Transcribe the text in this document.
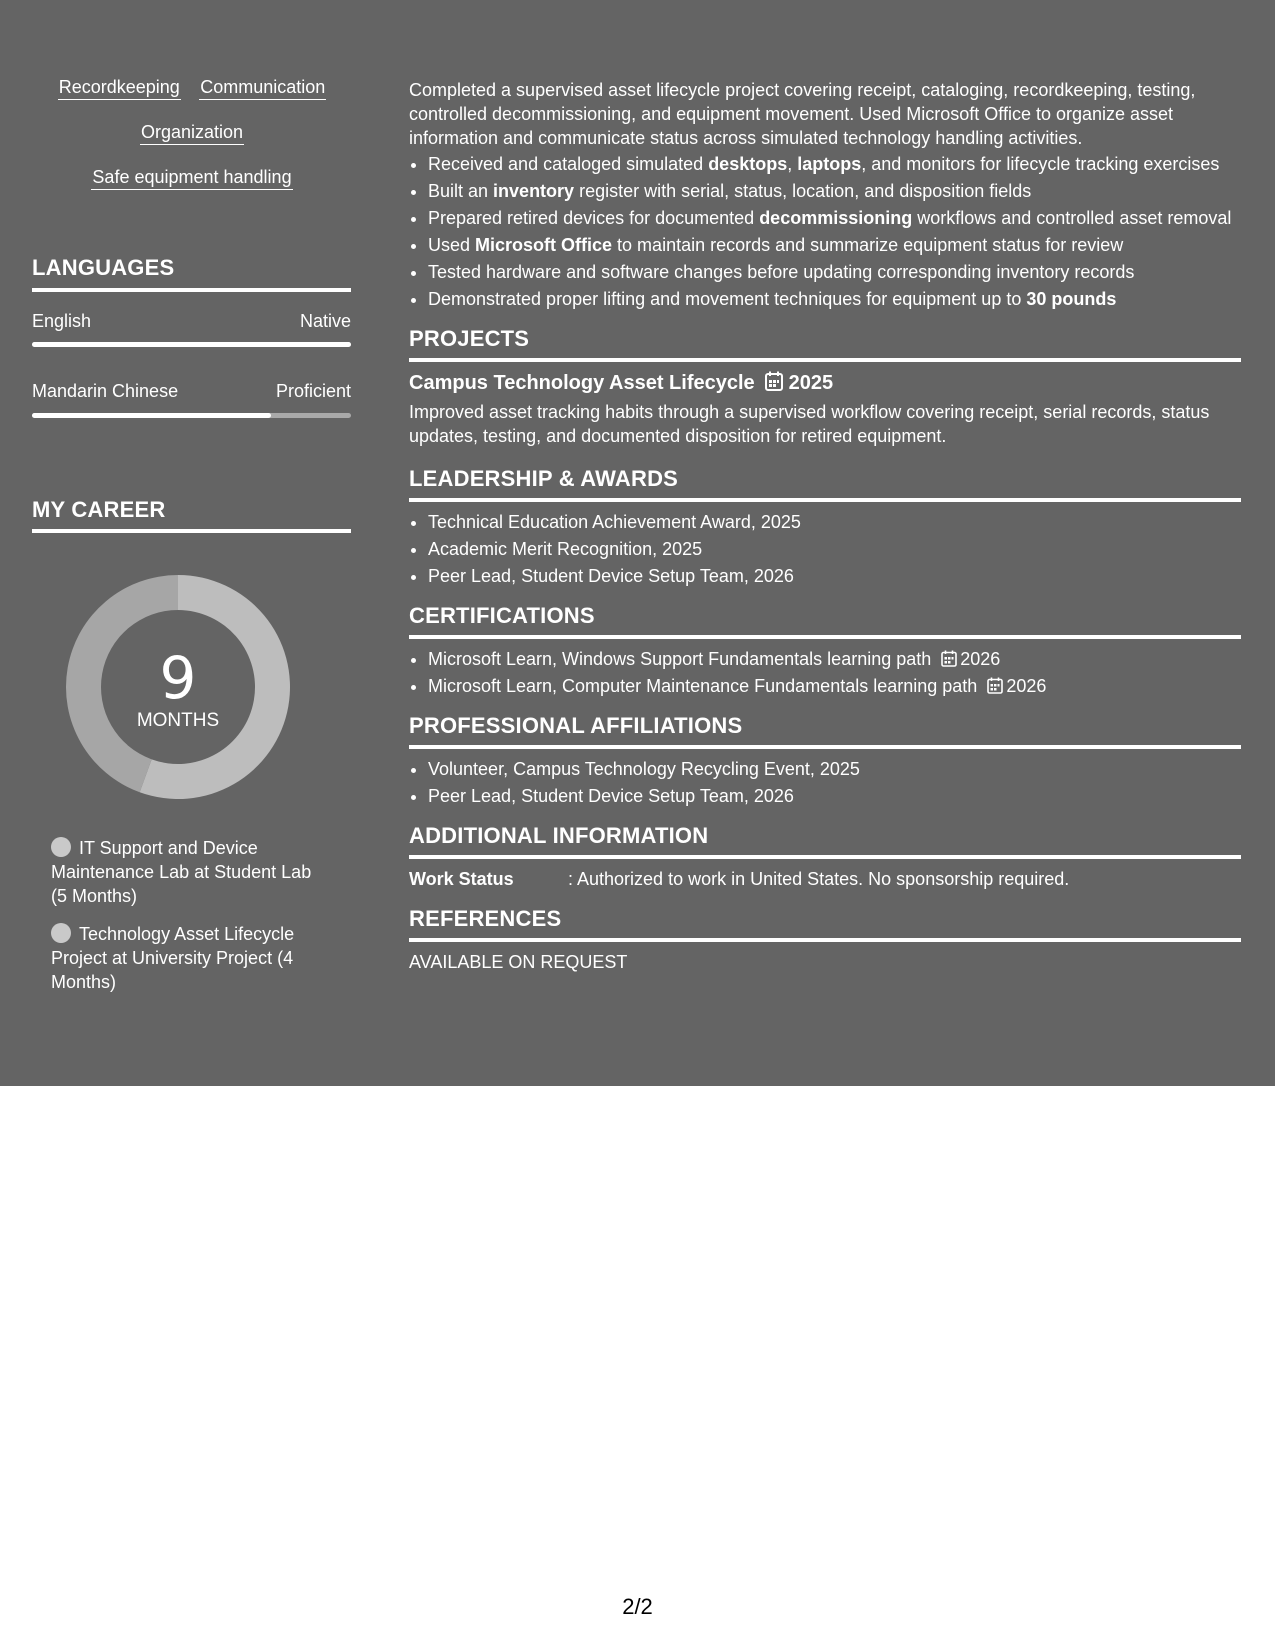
Recordkeeping Communication
Organization
Safe equipment handling
LANGUAGES
English	Native
Mandarin Chinese	Proficient
MY CAREER
9
MONTHS
IT Support and Device Maintenance Lab at Student Lab (5 Months)
Technology Asset Lifecycle Project at University Project (4 Months)

Completed a supervised asset lifecycle project covering receipt, cataloging, recordkeeping, testing, controlled decommissioning, and equipment movement. Used Microsoft Office to organize asset information and communicate status across simulated technology handling activities.

• Received and cataloged simulated desktops, laptops, and monitors for lifecycle tracking exercises
• Built an inventory register with serial, status, location, and disposition fields
• Prepared retired devices for documented decommissioning workflows and controlled asset removal
• Used Microsoft Office to maintain records and summarize equipment status for review
• Tested hardware and software changes before updating corresponding inventory records
• Demonstrated proper lifting and movement techniques for equipment up to 30 pounds
PROJECTS
Campus Technology Asset Lifecycle 2025

Improved asset tracking habits through a supervised workflow covering receipt, serial records, status updates, testing, and documented disposition for retired equipment.

LEADERSHIP & AWARDS
• Technical Education Achievement Award, 2025
• Academic Merit Recognition, 2025
• Peer Lead, Student Device Setup Team, 2026
CERTIFICATIONS
• Microsoft Learn, Windows Support Fundamentals learning path 2026
• Microsoft Learn, Computer Maintenance Fundamentals learning path 2026
PROFESSIONAL AFFILIATIONS
• Volunteer, Campus Technology Recycling Event, 2025
• Peer Lead, Student Device Setup Team, 2026
ADDITIONAL INFORMATION
Work Status	: Authorized to work in United States. No sponsorship required.
REFERENCES

AVAILABLE ON REQUEST

2/2
